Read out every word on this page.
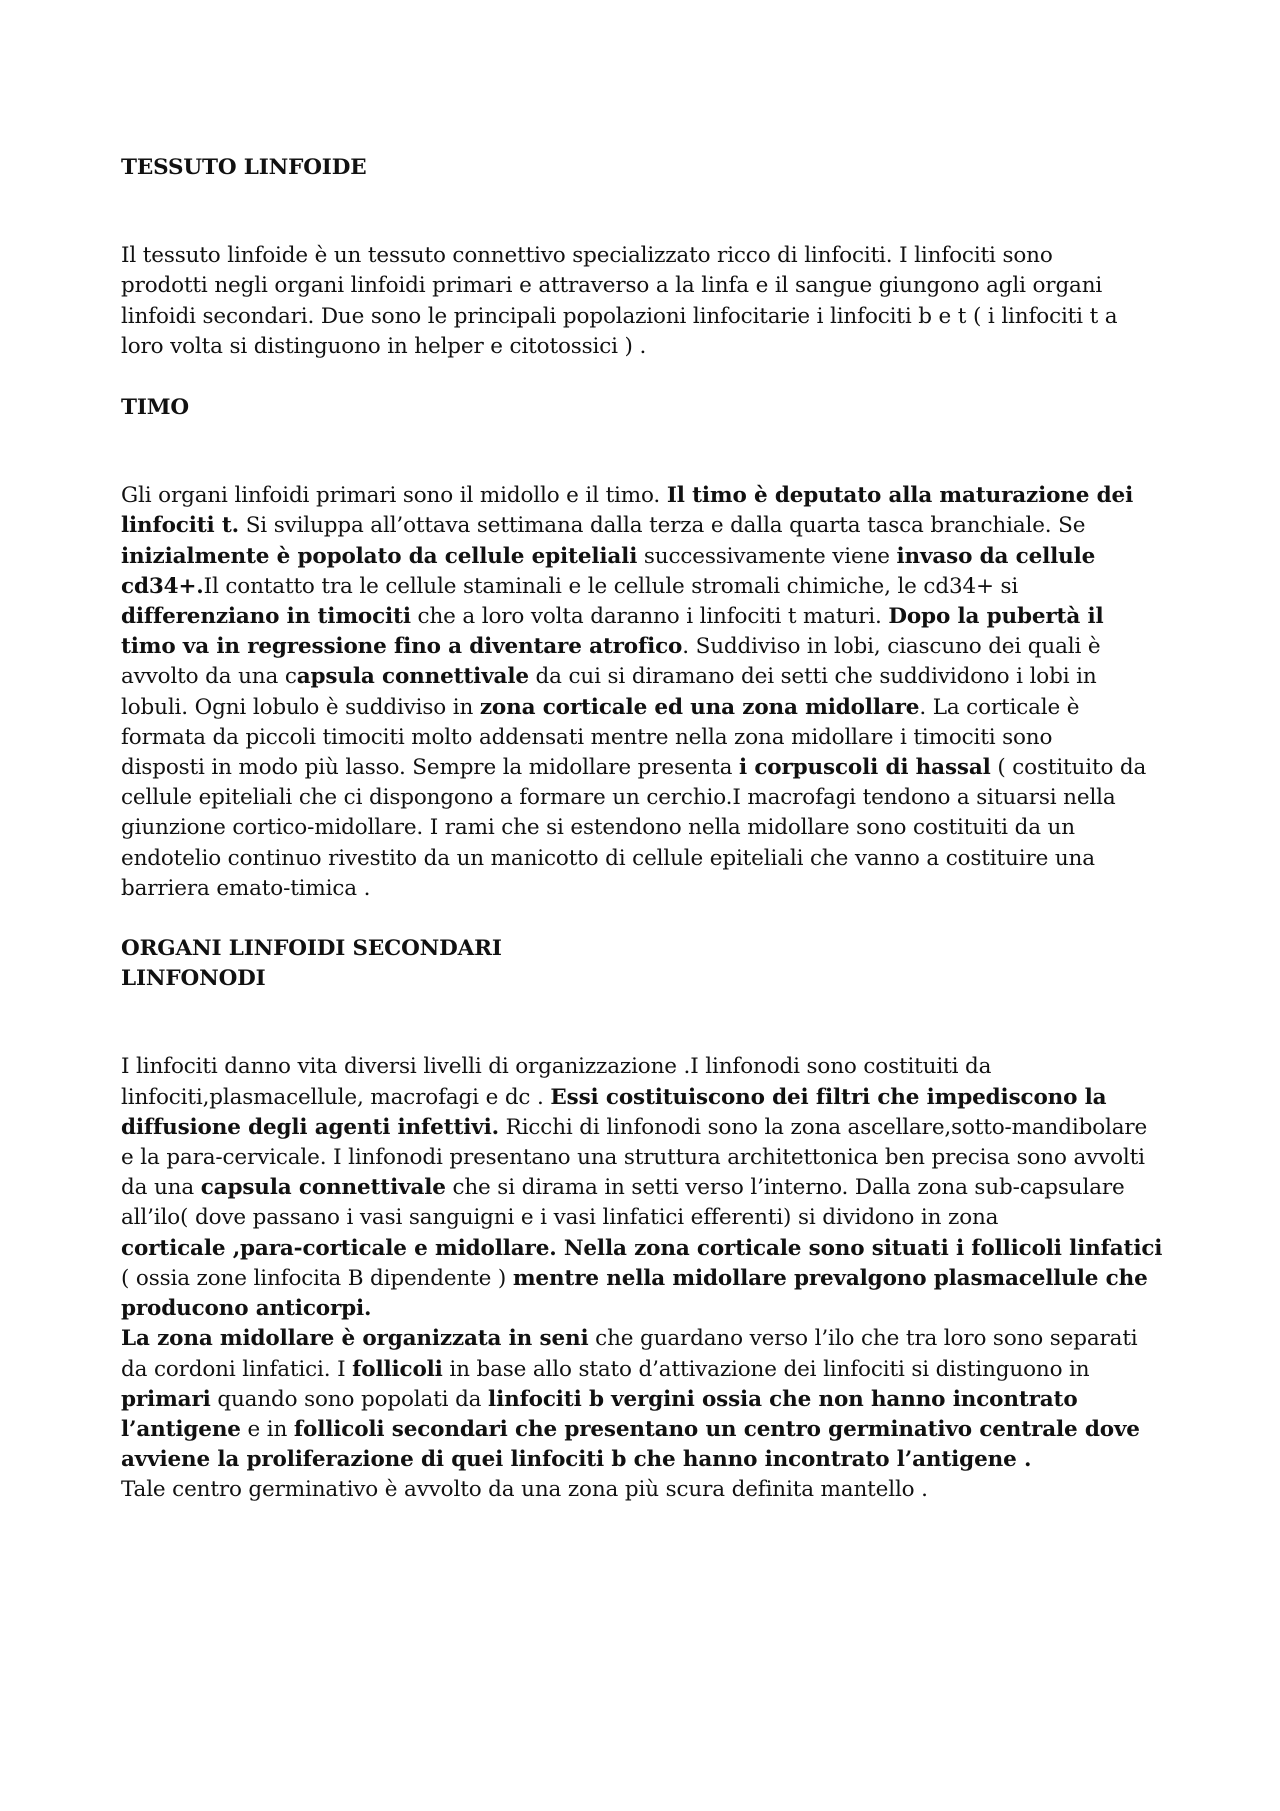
TESSUTO LINFOIDE
Il tessuto linfoide è un tessuto connettivo specializzato ricco di linfociti. I linfociti sono
prodotti negli organi linfoidi primari e attraverso a la linfa e il sangue giungono agli organi
linfoidi secondari. Due sono le principali popolazioni linfocitarie i linfociti b e t ( i linfociti t a
loro volta si distinguono in helper e citotossici ) .
TIMO
Gli organi linfoidi primari sono il midollo e il timo. Il timo è deputato alla maturazione dei
linfociti t. Si sviluppa all’ottava settimana dalla terza e dalla quarta tasca branchiale. Se
inizialmente è popolato da cellule epiteliali successivamente viene invaso da cellule
cd34+.Il contatto tra le cellule staminali e le cellule stromali chimiche, le cd34+ si
differenziano in timociti che a loro volta daranno i linfociti t maturi. Dopo la pubertà il
timo va in regressione fino a diventare atrofico. Suddiviso in lobi, ciascuno dei quali è
avvolto da una capsula connettivale da cui si diramano dei setti che suddividono i lobi in
lobuli. Ogni lobulo è suddiviso in zona corticale ed una zona midollare. La corticale è
formata da piccoli timociti molto addensati mentre nella zona midollare i timociti sono
disposti in modo più lasso. Sempre la midollare presenta i corpuscoli di hassal ( costituito da
cellule epiteliali che ci dispongono a formare un cerchio.I macrofagi tendono a situarsi nella
giunzione cortico-midollare. I rami che si estendono nella midollare sono costituiti da un
endotelio continuo rivestito da un manicotto di cellule epiteliali che vanno a costituire una
barriera emato-timica .
ORGANI LINFOIDI SECONDARI
LINFONODI
I linfociti danno vita diversi livelli di organizzazione .I linfonodi sono costituiti da
linfociti,plasmacellule, macrofagi e dc . Essi costituiscono dei filtri che impediscono la
diffusione degli agenti infettivi. Ricchi di linfonodi sono la zona ascellare,sotto-mandibolare
e la para-cervicale. I linfonodi presentano una struttura architettonica ben precisa sono avvolti
da una capsula connettivale che si dirama in setti verso l’interno. Dalla zona sub-capsulare
all’ilo( dove passano i vasi sanguigni e i vasi linfatici efferenti) si dividono in zona
corticale ,para-corticale e midollare. Nella zona corticale sono situati i follicoli linfatici
( ossia zone linfocita B dipendente ) mentre nella midollare prevalgono plasmacellule che
producono anticorpi.
La zona midollare è organizzata in seni che guardano verso l’ilo che tra loro sono separati
da cordoni linfatici. I follicoli in base allo stato d’attivazione dei linfociti si distinguono in
primari quando sono popolati da linfociti b vergini ossia che non hanno incontrato
l’antigene e in follicoli secondari che presentano un centro germinativo centrale dove
avviene la proliferazione di quei linfociti b che hanno incontrato l’antigene .
Tale centro germinativo è avvolto da una zona più scura definita mantello .
